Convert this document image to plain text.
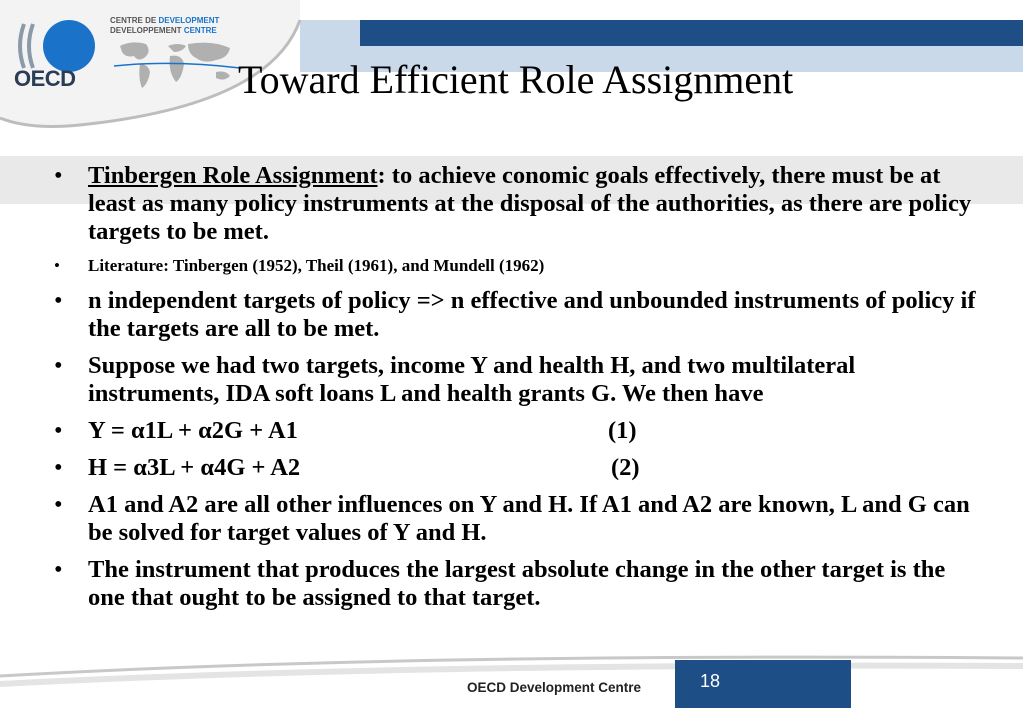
OECD
CENTRE DE DEVELOPMENT
DEVELOPPEMENT CENTRE
Toward Efficient Role Assignment
• Tinbergen Role Assignment: to achieve conomic goals effectively, there must be at least as many policy instruments at the disposal of the authorities, as there are policy targets to be met.
• Literature: Tinbergen (1952), Theil (1961), and Mundell (1962)
• n independent targets of policy => n effective and unbounded instruments of policy if the targets are all to be met.
• Suppose we had two targets, income Y and health H, and two multilateral instruments, IDA soft loans L and health grants G. We then have
• Y = α1L + α2G + A1	(1)
• H = α3L + α4G + A2	(2)
• A1 and A2 are all other influences on Y and H. If A1 and A2 are known, L and G can be solved for target values of Y and H.
• The instrument that produces the largest absolute change in the other target is the one that ought to be assigned to that target.
OECD Development Centre	18
